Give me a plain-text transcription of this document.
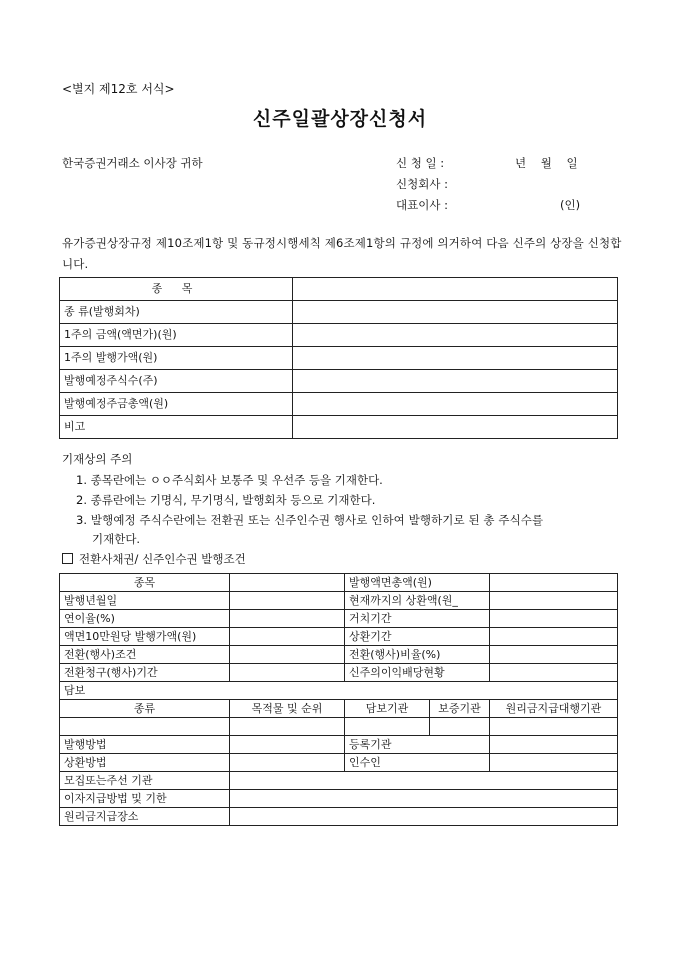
<별지 제12호 서식>
신주일괄상장신청서
한국증권거래소 이사장 귀하	신 청 일 :	년    월    일
신청회사 :
대표이사 :	(인)
유가증권상장규정 제10조제1항 및 동규정시행세칙 제6조제1항의 규정에 의거하여 다음 신주의 상장을 신청합니다.
종 목	
종 류(발행회차)	
1주의 금액(액면가)(원)	
1주의 발행가액(원)	
발행예정주식수(주)	
발행예정주금총액(원)	
비고	
기재상의 주의
1. 종목란에는 ㅇㅇ주식회사 보통주 및 우선주 등을 기재한다.
2. 종류란에는 기명식, 무기명식, 발행회차 등으로 기재한다.
3. 발행예정 주식수란에는 전환권 또는 신주인수권 행사로 인하여 발행하기로 된 총 주식수를
기재한다.
전환사채권/ 신주인수권 발행조건
종목		발행액면총액(원)		
발행년월일		현재까지의 상환액(원_		
연이율(%)		거치기간		
액면10만원당 발행가액(원)		상환기간		
전환(행사)조건		전환(행사)비율(%)		
전환청구(행사)기간		신주의이익배당현황		
담보				
종류	목적물 및 순위	담보기관	보증기관	원리금지급대행기관

발행방법		등록기관		
상환방법		인수인		
모집또는주선 기관				
이자지급방법 및 기한				
원리금지급장소				
